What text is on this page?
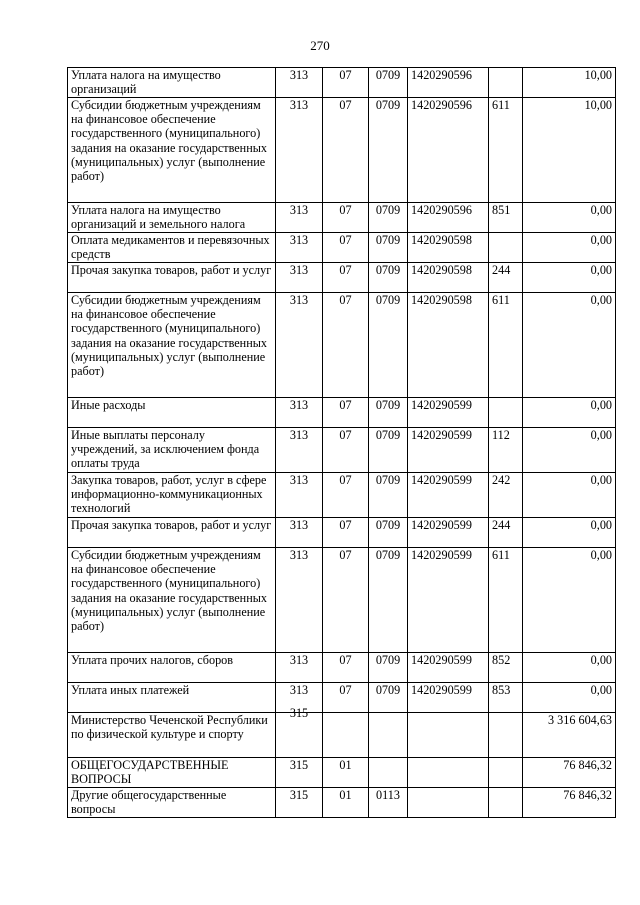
270
Уплата налога на имущество организаций	313	07	0709	1420290596		10,00
Субсидии бюджетным учреждениям на финансовое обеспечение государственного (муниципального) задания на оказание государственных (муниципальных) услуг (выполнение работ)	313	07	0709	1420290596	611	10,00
Уплата налога на имущество организаций и земельного налога	313	07	0709	1420290596	851	0,00
Оплата медикаментов и перевязочных средств	313	07	0709	1420290598		0,00
Прочая закупка товаров, работ и услуг	313	07	0709	1420290598	244	0,00
Субсидии бюджетным учреждениям на финансовое обеспечение государственного (муниципального) задания на оказание государственных (муниципальных) услуг (выполнение работ)	313	07	0709	1420290598	611	0,00
Иные расходы	313	07	0709	1420290599		0,00
Иные выплаты персоналу учреждений, за исключением фонда оплаты труда	313	07	0709	1420290599	112	0,00
Закупка товаров, работ, услуг в сфере информационно-коммуникационных технологий	313	07	0709	1420290599	242	0,00
Прочая закупка товаров, работ и услуг	313	07	0709	1420290599	244	0,00
Субсидии бюджетным учреждениям на финансовое обеспечение государственного (муниципального) задания на оказание государственных (муниципальных) услуг (выполнение работ)	313	07	0709	1420290599	611	0,00
Уплата прочих налогов, сборов	313	07	0709	1420290599	852	0,00
Уплата иных платежей	313	07	0709	1420290599	853	0,00
Министерство Чеченской Республики по физической культуре и спорту	315					3 316 604,63
ОБЩЕГОСУДАРСТВЕННЫЕ ВОПРОСЫ	315	01				76 846,32
Другие общегосударственные вопросы	315	01	0113			76 846,32
